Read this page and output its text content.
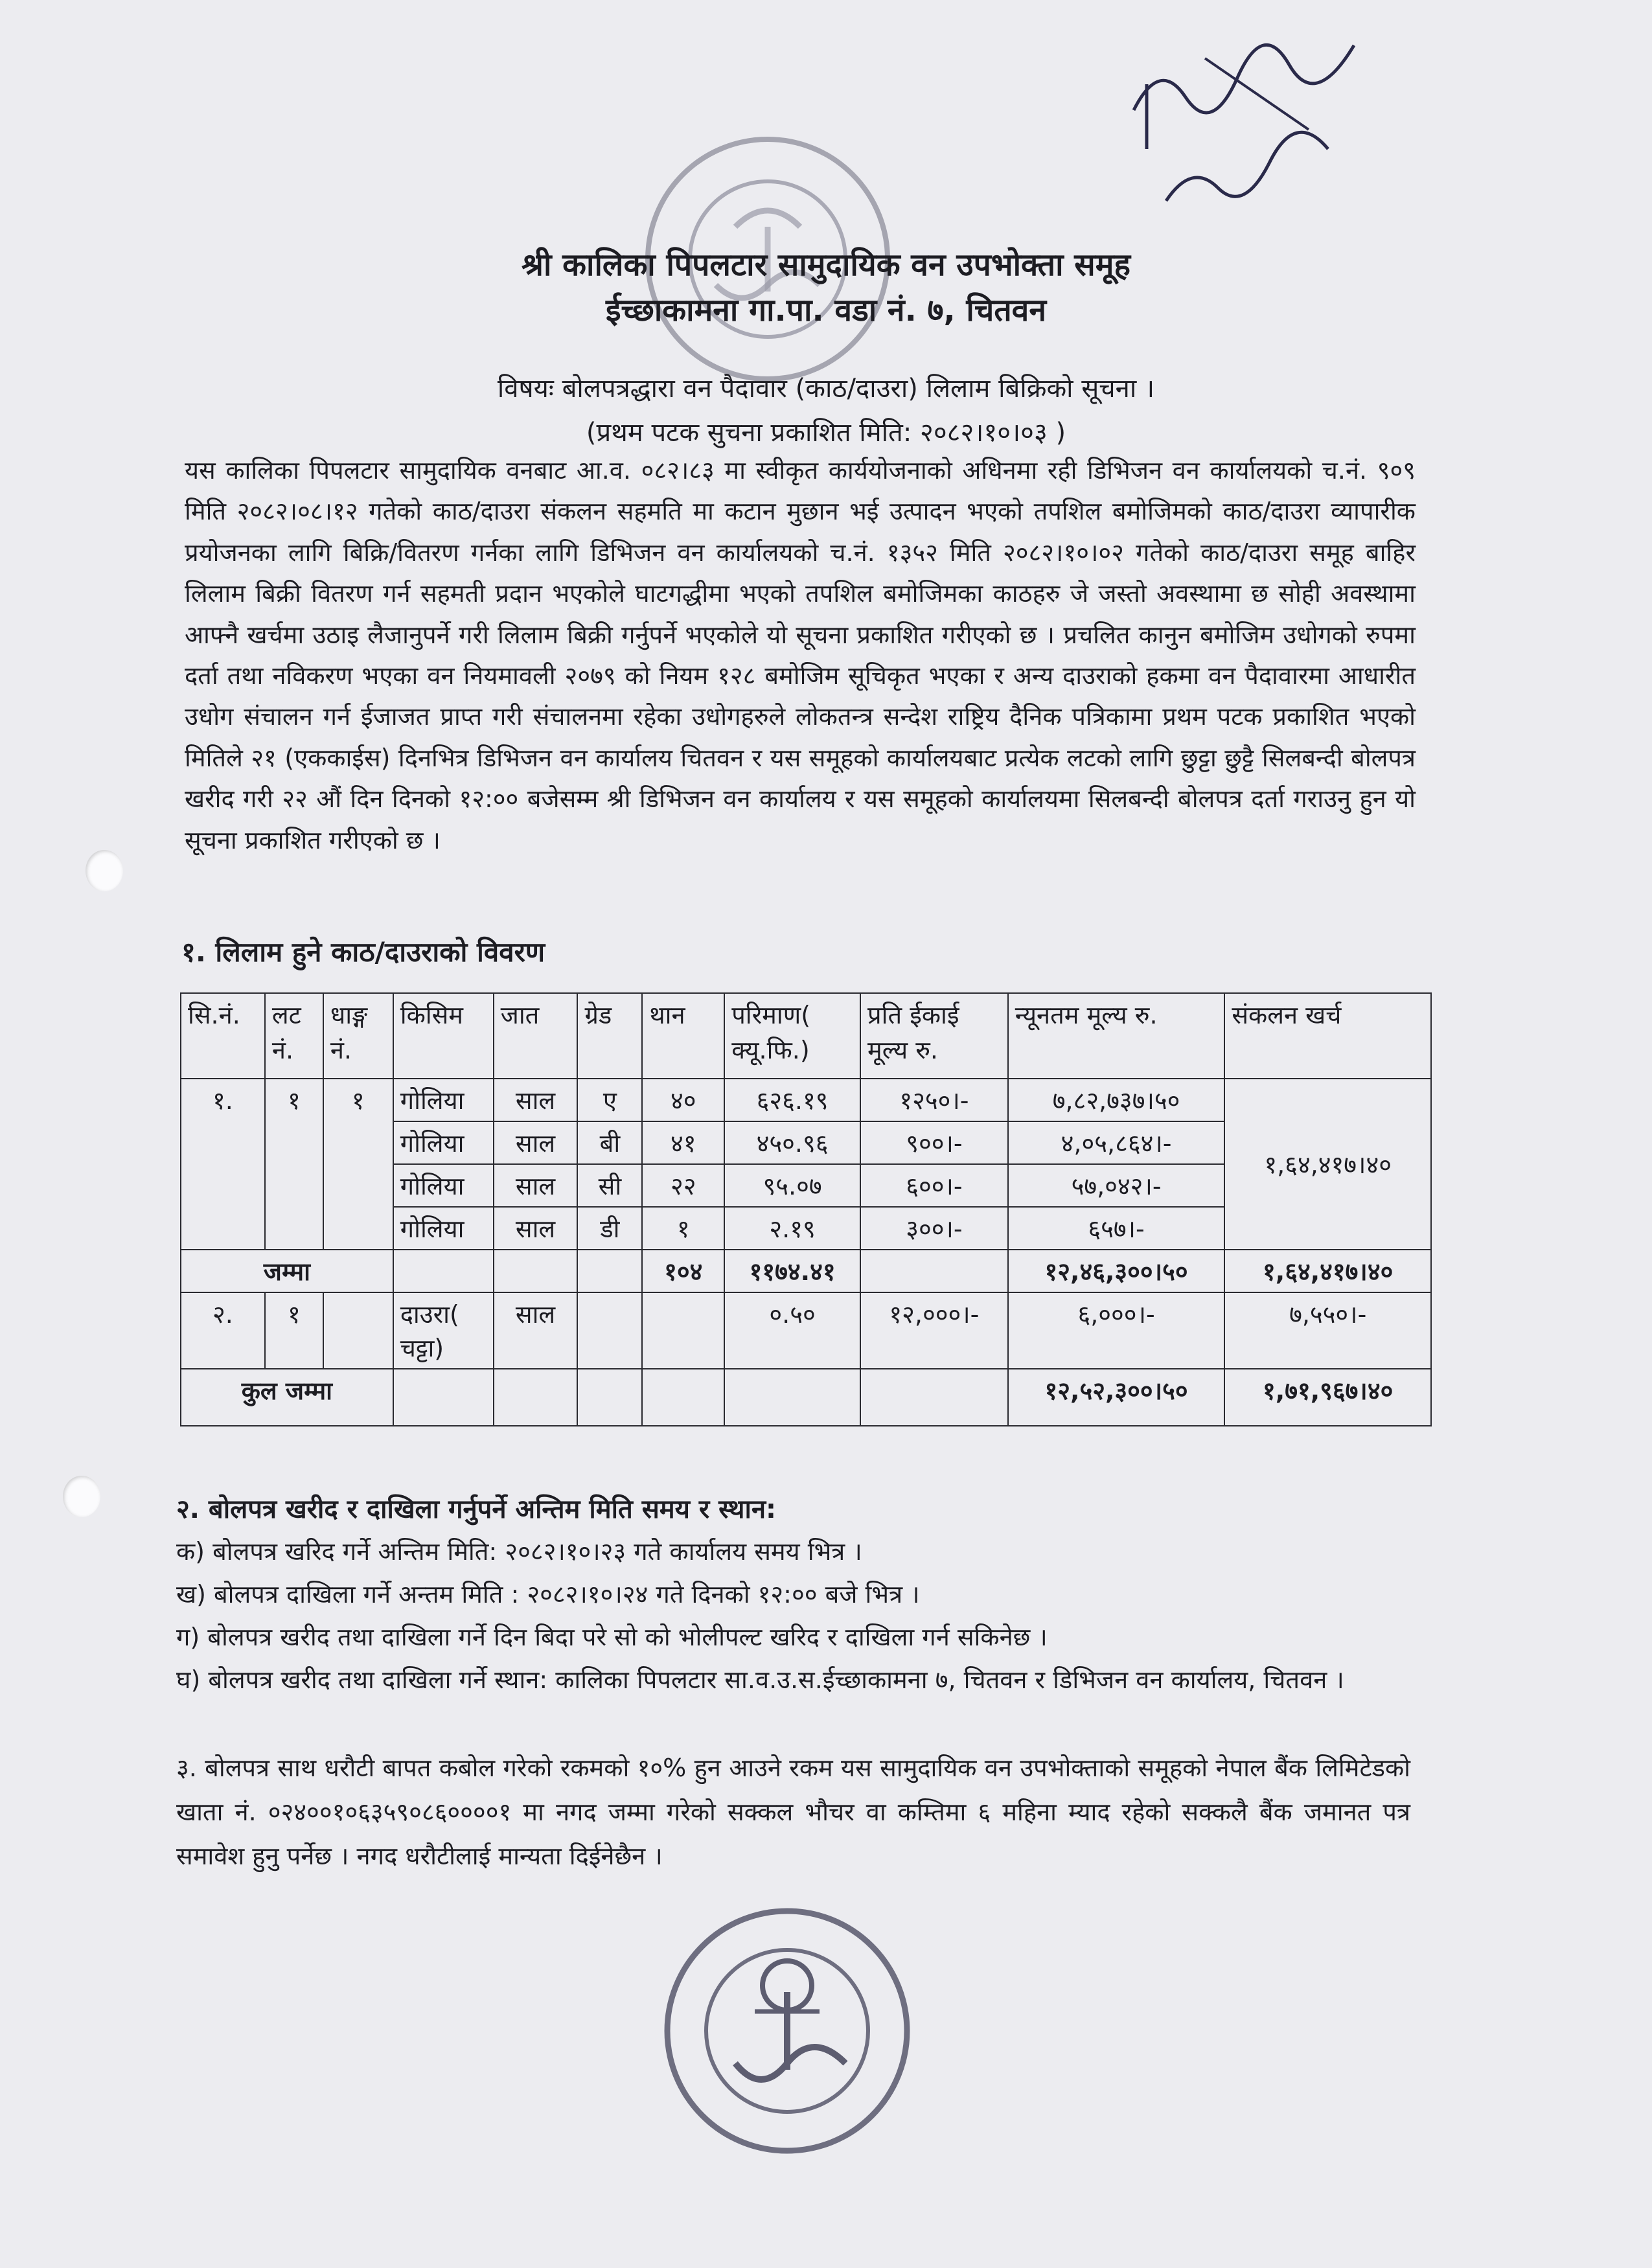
श्री कालिका पिपलटार सामुदायिक वन उपभोक्ता समूह
ईच्छाकामना गा.पा. वडा नं. ७, चितवन
विषयः बोलपत्रद्धारा वन पैदावार (काठ/दाउरा) लिलाम बिक्रिको सूचना ।
(प्रथम पटक सुचना प्रकाशित मिति: २०८२।१०।०३ )

यस कालिका पिपलटार सामुदायिक वनबाट आ.व. ०८२।८३ मा स्वीकृत कार्ययोजनाको अधिनमा रही डिभिजन वन कार्यालयको च.नं. ९०९ मिति २०८२।०८।१२ गतेको काठ/दाउरा संकलन सहमति मा कटान मुछान भई उत्पादन भएको तपशिल बमोजिमको काठ/दाउरा व्यापारीक प्रयोजनका लागि बिक्रि/वितरण गर्नका लागि डिभिजन वन कार्यालयको च.नं. १३५२ मिति २०८२।१०।०२ गतेको काठ/दाउरा समूह बाहिर लिलाम बिक्री वितरण गर्न सहमती प्रदान भएकोले घाटगद्धीमा भएको तपशिल बमोजिमका काठहरु जे जस्तो अवस्थामा छ सोही अवस्थामा आफ्नै खर्चमा उठाइ लैजानुपर्ने गरी लिलाम बिक्री गर्नुपर्ने भएकोले यो सूचना प्रकाशित गरीएको छ । प्रचलित कानुन बमोजिम उधोगको रुपमा दर्ता तथा नविकरण भएका वन नियमावली २०७९ को नियम १२८ बमोजिम सूचिकृत भएका र अन्य दाउराको हकमा वन पैदावारमा आधारीत उधोग संचालन गर्न ईजाजत प्राप्त गरी संचालनमा रहेका उधोगहरुले लोकतन्त्र सन्देश राष्ट्रिय दैनिक पत्रिकामा प्रथम पटक प्रकाशित भएको मितिले २१ (एककाईस) दिनभित्र डिभिजन वन कार्यालय चितवन र यस समूहको कार्यालयबाट प्रत्येक लटको लागि छुट्टा छुट्टै सिलबन्दी बोलपत्र खरीद गरी २२ औं दिन दिनको १२:०० बजेसम्म श्री डिभिजन वन कार्यालय र यस समूहको कार्यालयमा सिलबन्दी बोलपत्र दर्ता गराउनु हुन यो सूचना प्रकाशित गरीएको छ ।

१. लिलाम हुने काठ/दाउराको विवरण
सि.नं.	लट नं.	धाङ्ग नं.	किसिम	जात	ग्रेड	थान	परिमाण( क्यू.फि.)	प्रति ईकाई मूल्य रु.	न्यूनतम मूल्य रु.	संकलन खर्च
१.	१	१	गोलिया	साल	ए	४०	६२६.१९	१२५०।-	७,८२,७३७।५०	१,६४,४१७।४०
			गोलिया	साल	बी	४१	४५०.९६	९००।-	४,०५,८६४।-	
			गोलिया	साल	सी	२२	९५.०७	६००।-	५७,०४२।-	
			गोलिया	साल	डी	१	२.१९	३००।-	६५७।-	
जम्मा						१०४	११७४.४१		१२,४६,३००।५०	१,६४,४१७।४०
२.	१		दाउरा( चट्टा)	साल			०.५०	१२,०००।-	६,०००।-	७,५५०।-
कुल जम्मा									१२,५२,३००।५०	१,७१,९६७।४०
२. बोलपत्र खरीद र दाखिला गर्नुपर्ने अन्तिम मिति समय र स्थान:
क) बोलपत्र खरिद गर्ने अन्तिम मिति: २०८२।१०।२३ गते कार्यालय समय भित्र ।
ख) बोलपत्र दाखिला गर्ने अन्तम मिति : २०८२।१०।२४ गते दिनको १२:०० बजे भित्र ।
ग) बोलपत्र खरीद तथा दाखिला गर्ने दिन बिदा परे सो को भोलीपल्ट खरिद र दाखिला गर्न सकिनेछ ।
घ) बोलपत्र खरीद तथा दाखिला गर्ने स्थान: कालिका पिपलटार सा.व.उ.स.ईच्छाकामना ७, चितवन र डिभिजन वन कार्यालय, चितवन ।

३. बोलपत्र साथ धरौटी बापत कबोल गरेको रकमको १०% हुन आउने रकम यस सामुदायिक वन उपभोक्ताको समूहको नेपाल बैंक लिमिटेडको खाता नं. ०२४००१०६३५९०८६००००१ मा नगद जम्मा गरेको सक्कल भौचर वा कम्तिमा ६ महिना म्याद रहेको सक्कलै बैंक जमानत पत्र समावेश हुनु पर्नेछ । नगद धरौटीलाई मान्यता दिईनेछैन ।
